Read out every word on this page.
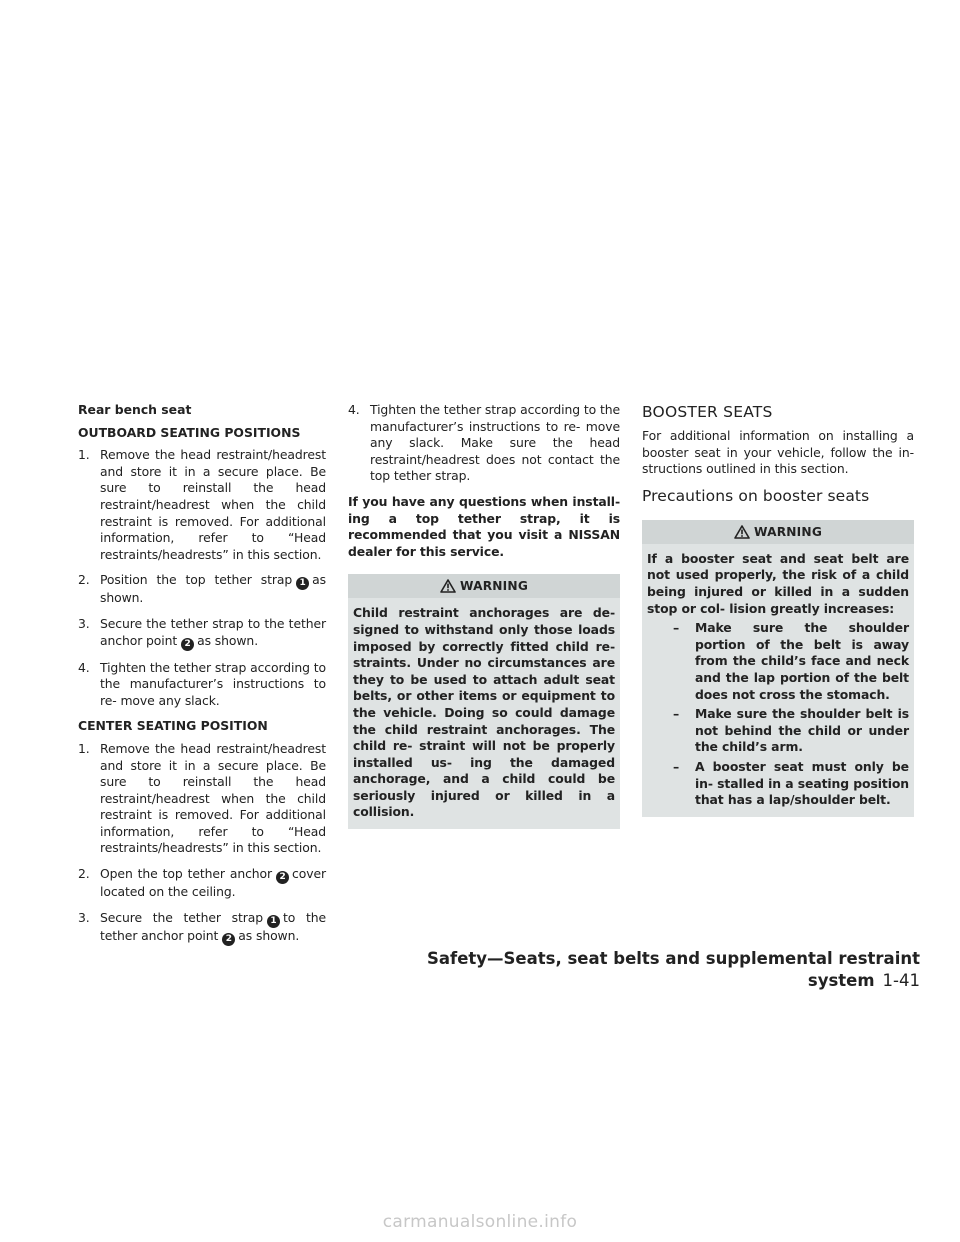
Rear bench seat
OUTBOARD SEATING POSITIONS
1. Remove the head restraint/headrest and store it in a secure place. Be sure to reinstall the head restraint/headrest when the child restraint is removed. For additional information, refer to “Head restraints/headrests” in this section.
2. Position the top tether strap 1 as shown.
3. Secure the tether strap to the tether anchor point 2 as shown.
4. Tighten the tether strap according to the manufacturer’s instructions to re- move any slack.
CENTER SEATING POSITION
1. Remove the head restraint/headrest and store it in a secure place. Be sure to reinstall the head restraint/headrest when the child restraint is removed. For additional information, refer to “Head restraints/headrests” in this section.
2. Open the top tether anchor 2 cover located on the ceiling.
3. Secure the tether strap 1 to the tether anchor point 2 as shown.
4. Tighten the tether strap according to the manufacturer’s instructions to re- move any slack. Make sure the head restraint/headrest does not contact the top tether strap.
If you have any questions when install- ing a top tether strap, it is recommended that you visit a NISSAN dealer for this service.
WARNING
Child restraint anchorages are de- signed to withstand only those loads imposed by correctly fitted child re- straints. Under no circumstances are they to be used to attach adult seat belts, or other items or equipment to the vehicle. Doing so could damage the child restraint anchorages. The child re- straint will not be properly installed us- ing the damaged anchorage, and a child could be seriously injured or killed in a collision.
BOOSTER SEATS
For additional information on installing a booster seat in your vehicle, follow the in- structions outlined in this section.
Precautions on booster seats
WARNING
If a booster seat and seat belt are not used properly, the risk of a child being injured or killed in a sudden stop or col- lision greatly increases:
– Make sure the shoulder portion of the belt is away from the child’s face and neck and the lap portion of the belt does not cross the stomach.
– Make sure the shoulder belt is not behind the child or under the child’s arm.
– A booster seat must only be in- stalled in a seating position that has a lap/shoulder belt.
Safety—Seats, seat belts and supplemental restraint system 1-41
carmanualsonline.info
